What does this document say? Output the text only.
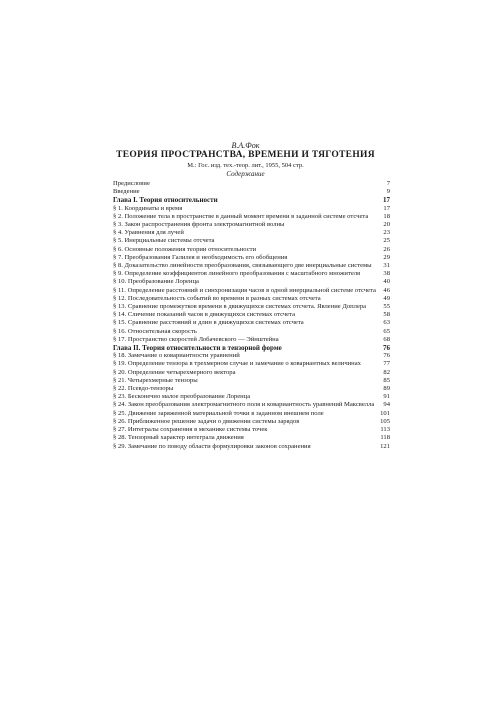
В.А.Фок
ТЕОРИЯ ПРОСТРАНСТВА, ВРЕМЕНИ И ТЯГОТЕНИЯ
М.: Гос. изд. тех.-теор. лит., 1955, 504 стр.
Содержание
Предисловие	7
Введение	9
Глава I. Теория относительности	17
§ 1. Координаты и время	17
§ 2. Положение тела в пространстве в данный момент времени в заданной системе отсчета	18
§ 3. Закон распространения фронта электромагнитной волны	20
§ 4. Уравнения для лучей	23
§ 5. Инерциальные системы отсчета	25
§ 6. Основные положения теории относительности	26
§ 7. Преобразования Галилея и необходимость его обобщения	29
§ 8. Доказательство линейности преобразования, связывающего две инерциальные системы	31
§ 9. Определение коэффициентов линейного преобразования с масштабного множителя	38
§ 10. Преобразование Лоренца	40
§ 11. Определение расстояний и синхронизация часов в одной инерциальной системе отсчета	46
§ 12. Последовательность событий во времени в разных системах отсчета	49
§ 13. Сравнение промежутков времени в движущихся системах отсчета. Явление Доплера	55
§ 14. Сличение показаний часов в движущихся системах отсчета	58
§ 15. Сравнение расстояний и длин в движущихся системах отсчета	63
§ 16. Относительная скорость	65
§ 17. Пространство скоростей Лобачевского — Эйнштейна	68
Глава II. Теория относительности в тензорной форме	76
§ 18. Замечание о ковариантности уравнений	76
§ 19. Определение тензора в трехмерном случае и замечание о ковариантных величинах	77
§ 20. Определение четырехмерного вектора	82
§ 21. Четырехмерные тензоры	85
§ 22. Псевдо-тензоры	89
§ 23. Бесконечно малое преобразование Лоренца	91
§ 24. Закон преобразования электромагнитного поля и ковариантность уравнений Максвелла	94
§ 25. Движение заряженной материальной точки в заданном внешнем поле	101
§ 26. Приближенное решение задачи о движении системы зарядов	105
§ 27. Интегралы сохранения в механике системы точек	113
§ 28. Тензорный характер интеграла движения	118
§ 29. Замечание по поводу области формулировки законов сохранения	121
